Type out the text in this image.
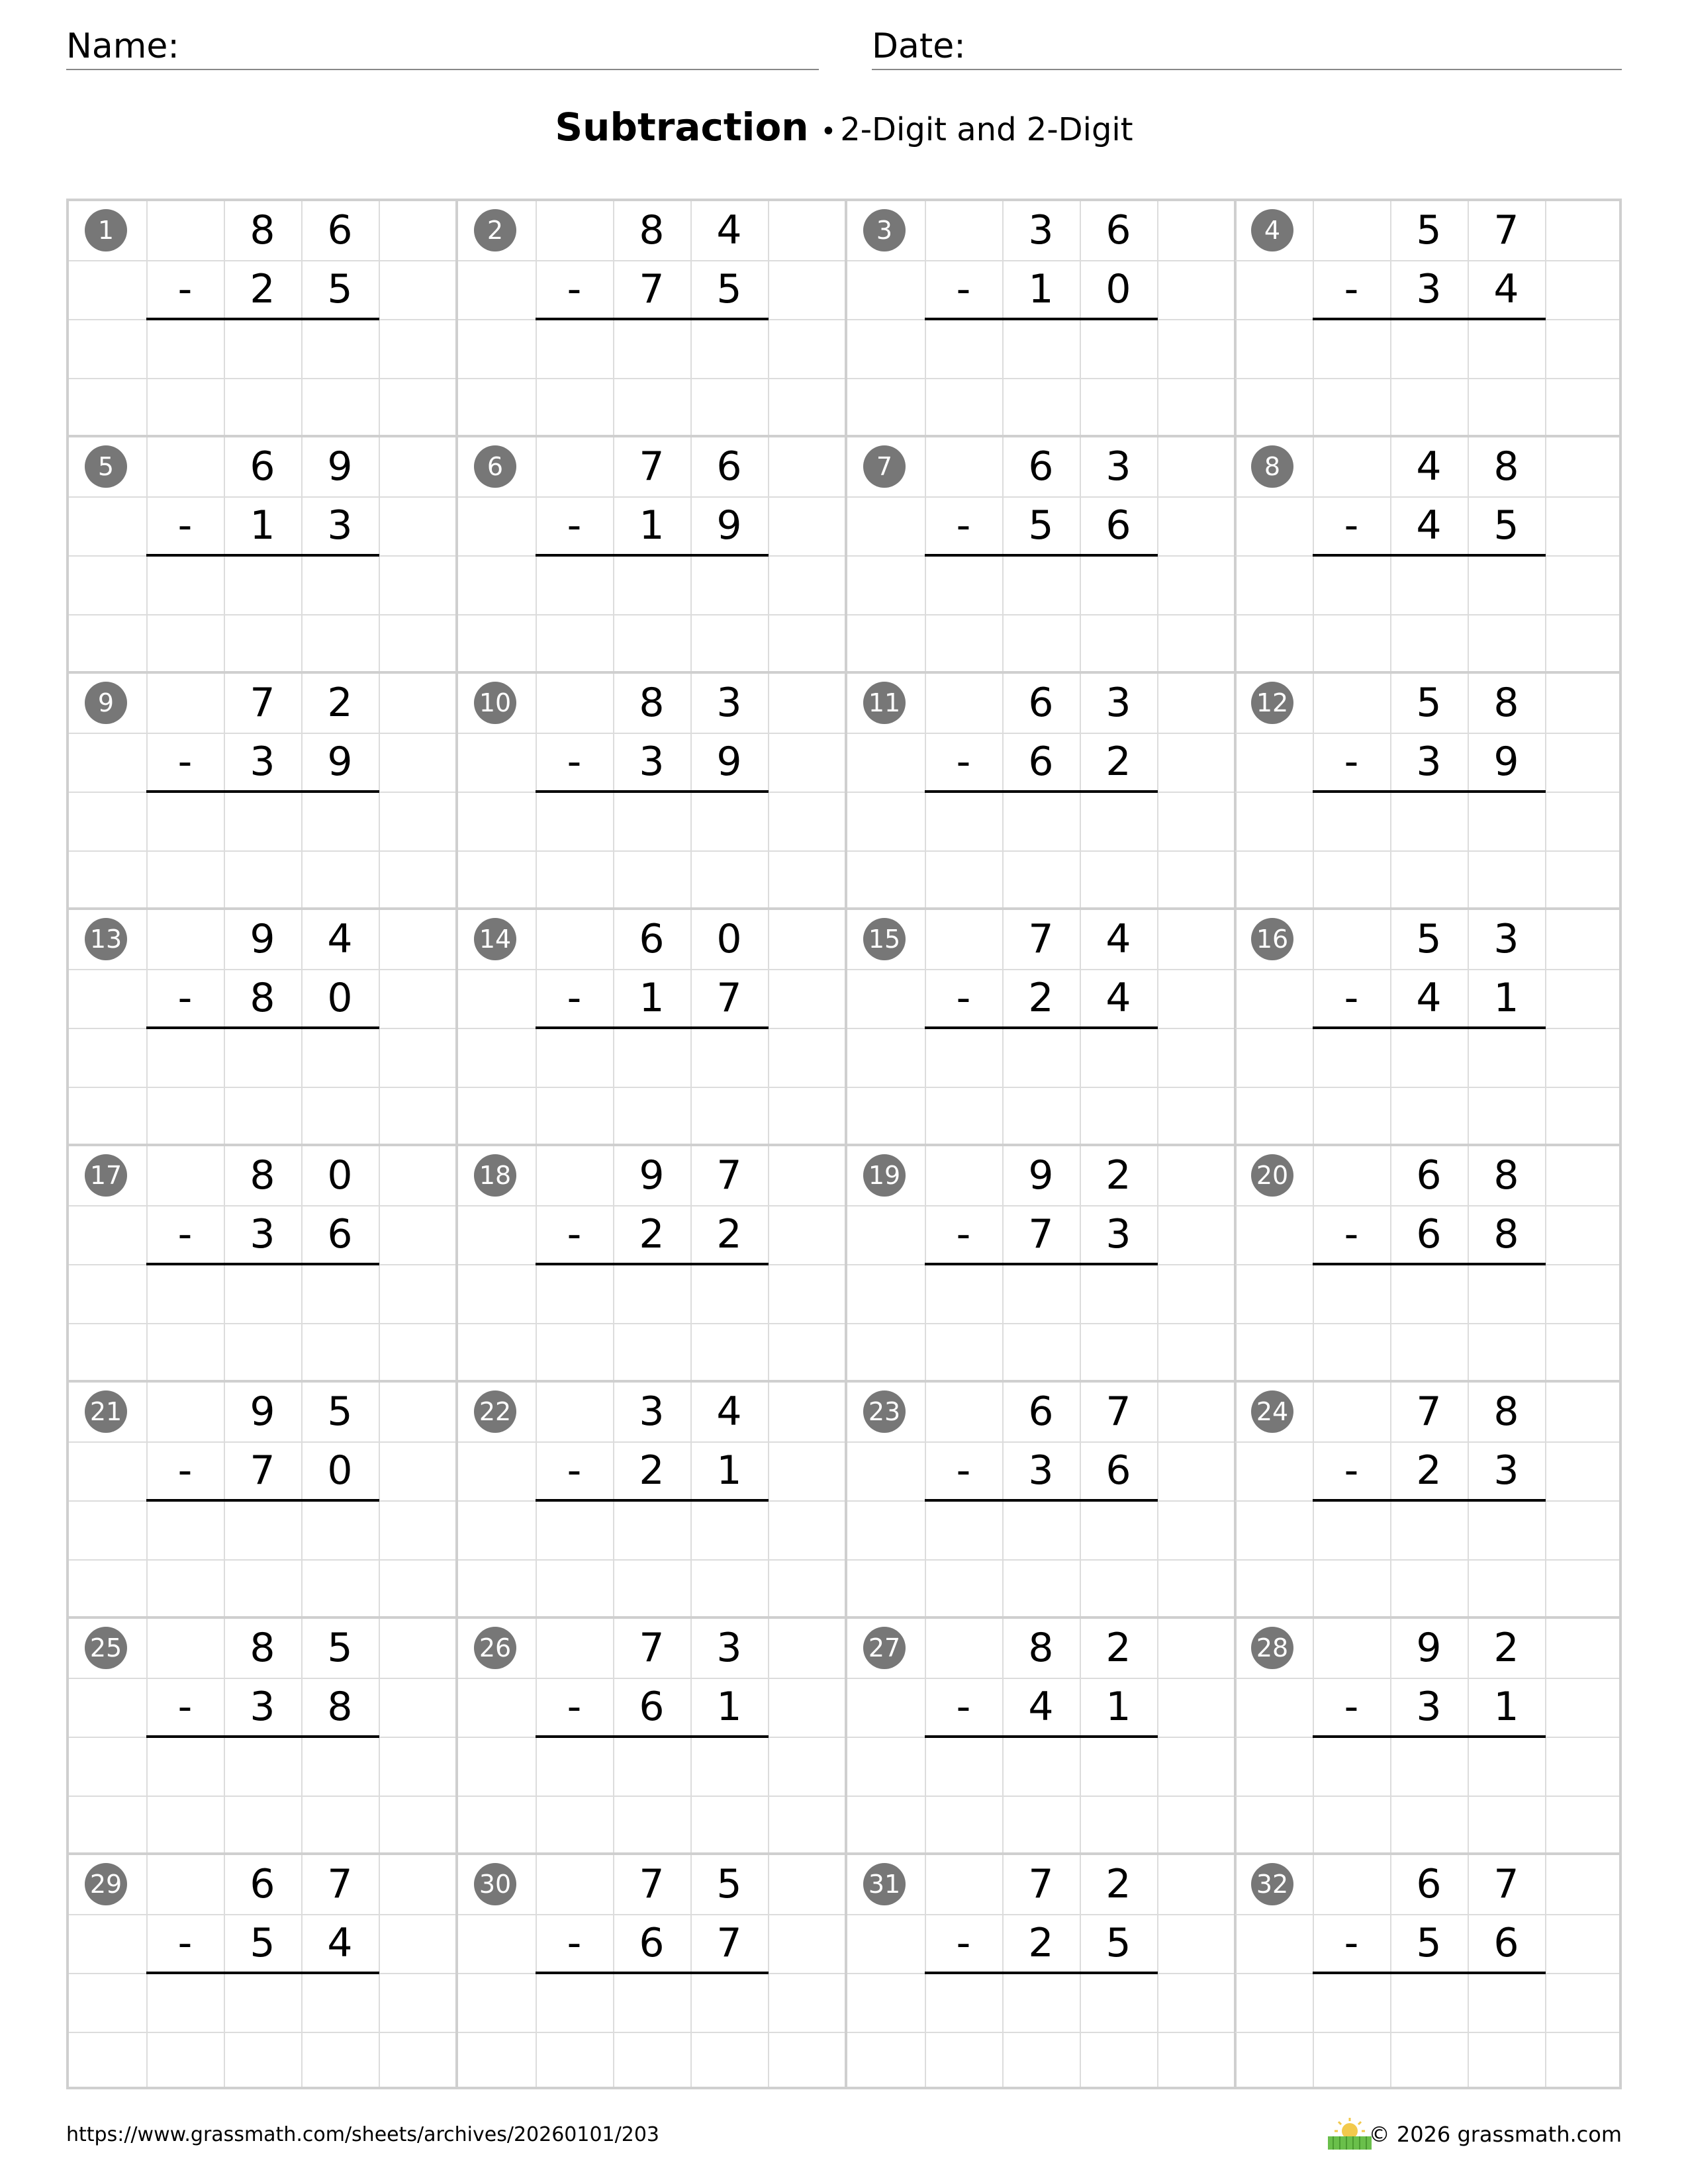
Name:	Date:
Subtraction • 2-Digit and 2-Digit
1	8	6
-	2	5
2	8	4
-	7	5
3	3	6
-	1	0
4	5	7
-	3	4
5	6	9
-	1	3
6	7	6
-	1	9
7	6	3
-	5	6
8	4	8
-	4	5
9	7	2
-	3	9
10	8	3
-	3	9
11	6	3
-	6	2
12	5	8
-	3	9
13	9	4
-	8	0
14	6	0
-	1	7
15	7	4
-	2	4
16	5	3
-	4	1
17	8	0
-	3	6
18	9	7
-	2	2
19	9	2
-	7	3
20	6	8
-	6	8
21	9	5
-	7	0
22	3	4
-	2	1
23	6	7
-	3	6
24	7	8
-	2	3
25	8	5
-	3	8
26	7	3
-	6	1
27	8	2
-	4	1
28	9	2
-	3	1
29	6	7
-	5	4
30	7	5
-	6	7
31	7	2
-	2	5
32	6	7
-	5	6
https://www.grassmath.com/sheets/archives/20260101/203	© 2026 grassmath.com
